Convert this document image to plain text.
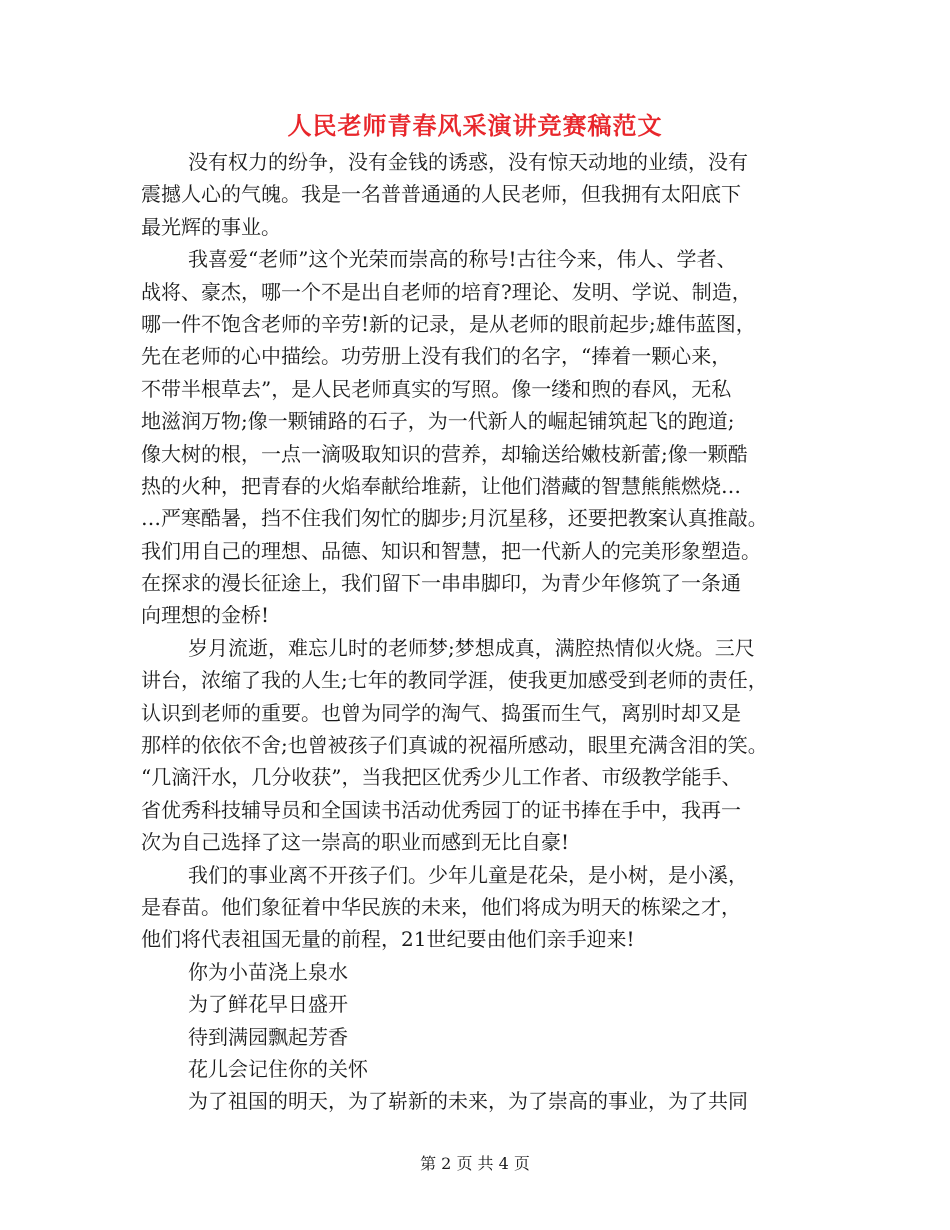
人民老师青春风采演讲竞赛稿范文
没有权力的纷争，没有金钱的诱惑，没有惊天动地的业绩，没有
震撼人心的气魄。我是一名普普通通的人民老师，但我拥有太阳底下
最光辉的事业。
我喜爱“老师”这个光荣而崇高的称号!古往今来，伟人、学者、
战将、豪杰，哪一个不是出自老师的培育?理论、发明、学说、制造，
哪一件不饱含老师的辛劳!新的记录，是从老师的眼前起步;雄伟蓝图，
先在老师的心中描绘。功劳册上没有我们的名字，“捧着一颗心来，
不带半根草去”，是人民老师真实的写照。像一缕和煦的春风，无私
地滋润万物;像一颗铺路的石子，为一代新人的崛起铺筑起飞的跑道;
像大树的根，一点一滴吸取知识的营养，却输送给嫩枝新蕾;像一颗酷
热的火种，把青春的火焰奉献给堆薪，让他们潜藏的智慧熊熊燃烧…
…严寒酷暑，挡不住我们匆忙的脚步;月沉星移，还要把教案认真推敲。
我们用自己的理想、品德、知识和智慧，把一代新人的完美形象塑造。
在探求的漫长征途上，我们留下一串串脚印，为青少年修筑了一条通
向理想的金桥!
岁月流逝，难忘儿时的老师梦;梦想成真，满腔热情似火烧。三尺
讲台，浓缩了我的人生;七年的教同学涯，使我更加感受到老师的责任，
认识到老师的重要。也曾为同学的淘气、捣蛋而生气，离别时却又是
那样的依依不舍;也曾被孩子们真诚的祝福所感动，眼里充满含泪的笑。
“几滴汗水，几分收获”，当我把区优秀少儿工作者、市级教学能手、
省优秀科技辅导员和全国读书活动优秀园丁的证书捧在手中，我再一
次为自己选择了这一崇高的职业而感到无比自豪!
我们的事业离不开孩子们。少年儿童是花朵，是小树，是小溪，
是春苗。他们象征着中华民族的未来，他们将成为明天的栋梁之才，
他们将代表祖国无量的前程，21世纪要由他们亲手迎来!
你为小苗浇上泉水
为了鲜花早日盛开
待到满园飘起芳香
花儿会记住你的关怀
为了祖国的明天，为了崭新的未来，为了崇高的事业，为了共同
第 2 页 共 4 页
